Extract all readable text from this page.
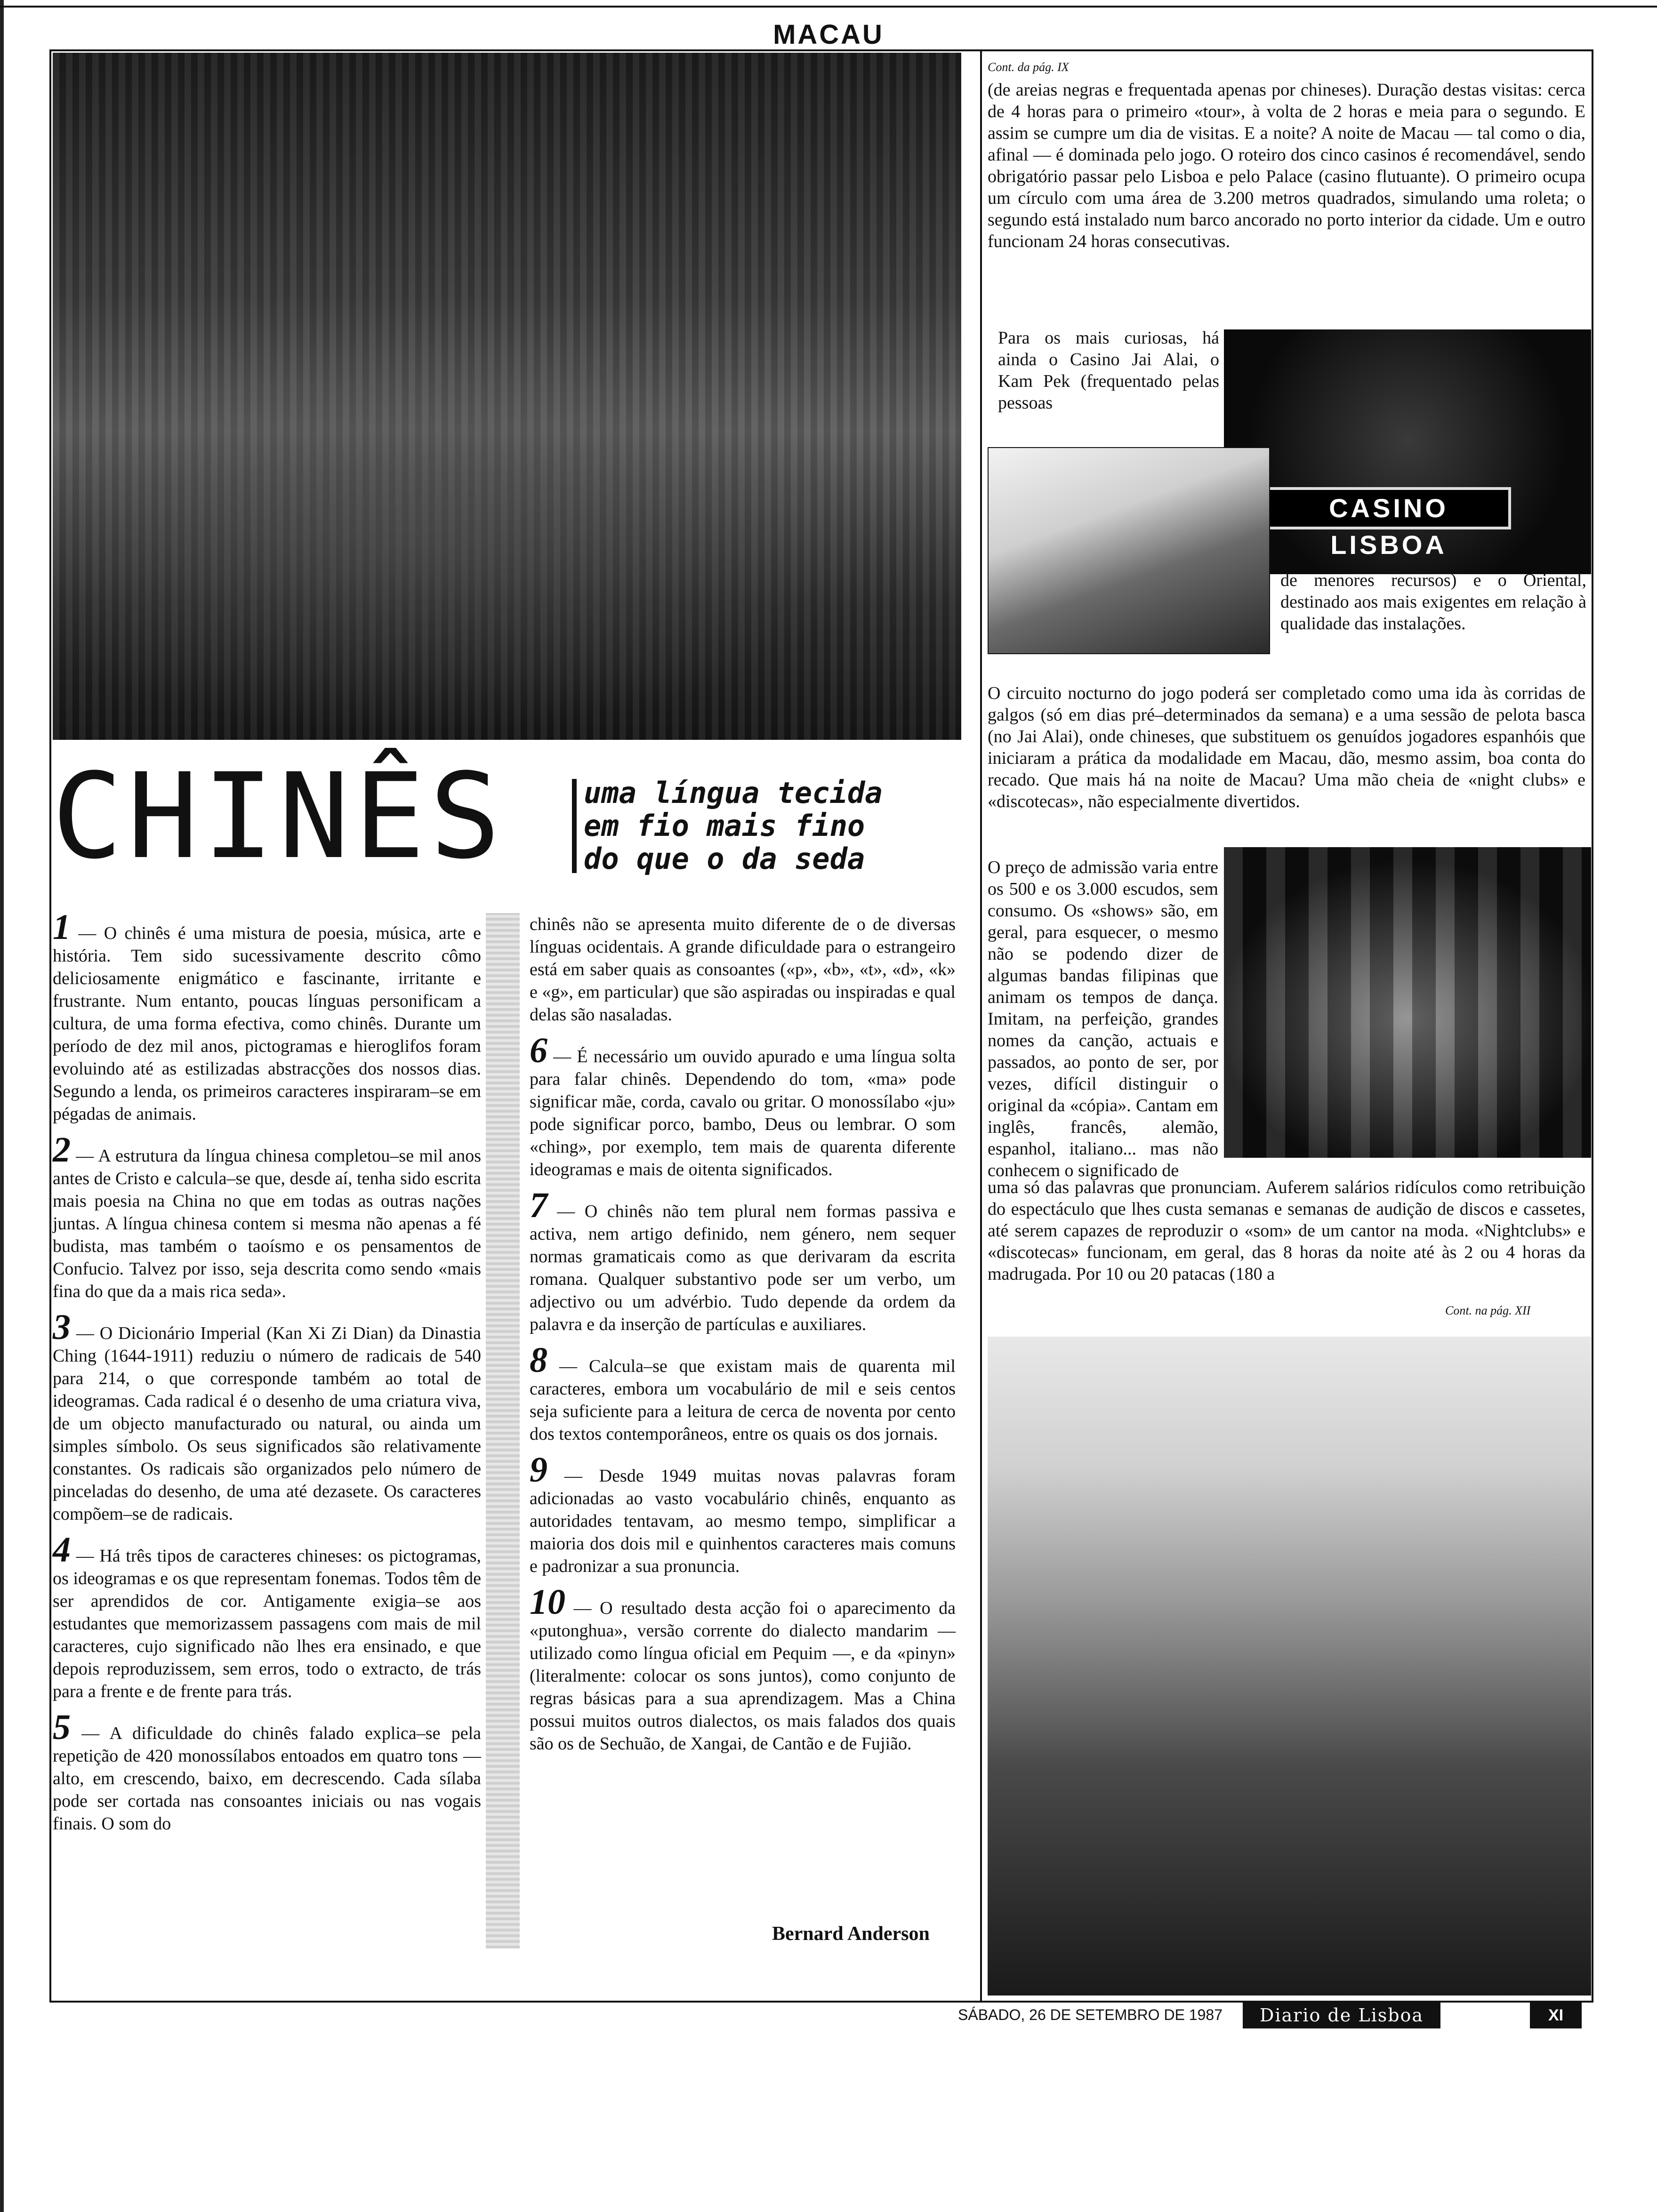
MACAU
CHINÊS	uma língua tecida
em fio mais fino
do que o da seda

1 — O chinês é uma mistura de poesia, música, arte e história. Tem sido sucessivamente descrito cômo deliciosamente enigmático e fascinante, irritante e frustrante. Num entanto, poucas línguas personificam a cultura, de uma forma efectiva, como chinês. Durante um período de dez mil anos, pictogramas e hieroglifos foram evoluindo até as estilizadas abstracções dos nossos dias. Segundo a lenda, os primeiros caracteres inspiraram–se em pégadas de animais.

2 — A estrutura da língua chinesa completou–se mil anos antes de Cristo e calcula–se que, desde aí, tenha sido escrita mais poesia na China no que em todas as outras nações juntas. A língua chinesa contem si mesma não apenas a fé budista, mas também o taoísmo e os pensamentos de Confucio. Talvez por isso, seja descrita como sendo «mais fina do que da a mais rica seda».

3 — O Dicionário Imperial (Kan Xi Zi Dian) da Dinastia Ching (1644-1911) reduziu o número de radicais de 540 para 214, o que corresponde também ao total de ideogramas. Cada radical é o desenho de uma criatura viva, de um objecto manufacturado ou natural, ou ainda um simples símbolo. Os seus significados são relativamente constantes. Os radicais são organizados pelo número de pinceladas do desenho, de uma até dezasete. Os caracteres compõem–se de radicais.

4 — Há três tipos de caracteres chineses: os pictogramas, os ideogramas e os que representam fonemas. Todos têm de ser aprendidos de cor. Antigamente exigia–se aos estudantes que memorizassem passagens com mais de mil caracteres, cujo significado não lhes era ensinado, e que depois reproduzissem, sem erros, todo o extracto, de trás para a frente e de frente para trás.

5 — A dificuldade do chinês falado explica–se pela repetição de 420 monossílabos entoados em quatro tons — alto, em crescendo, baixo, em decrescendo. Cada sílaba pode ser cortada nas consoantes iniciais ou nas vogais finais. O som do

chinês não se apresenta muito diferente de o de diversas línguas ocidentais. A grande dificuldade para o estrangeiro está em saber quais as consoantes («p», «b», «t», «d», «k» e «g», em particular) que são aspiradas ou inspiradas e qual delas são nasaladas.

6 — É necessário um ouvido apurado e uma língua solta para falar chinês. Dependendo do tom, «ma» pode significar mãe, corda, cavalo ou gritar. O monossílabo «ju» pode significar porco, bambo, Deus ou lembrar. O som «ching», por exemplo, tem mais de quarenta diferente ideogramas e mais de oitenta significados.

7 — O chinês não tem plural nem formas passiva e activa, nem artigo definido, nem género, nem sequer normas gramaticais como as que derivaram da escrita romana. Qualquer substantivo pode ser um verbo, um adjectivo ou um advérbio. Tudo depende da ordem da palavra e da inserção de partículas e auxiliares.

8 — Calcula–se que existam mais de quarenta mil caracteres, embora um vocabulário de mil e seis centos seja suficiente para a leitura de cerca de noventa por cento dos textos contemporâneos, entre os quais os dos jornais.

9 — Desde 1949 muitas novas palavras foram adicionadas ao vasto vocabulário chinês, enquanto as autoridades tentavam, ao mesmo tempo, simplificar a maioria dos dois mil e quinhentos caracteres mais comuns e padronizar a sua pronuncia.

10 — O resultado desta acção foi o aparecimento da «putonghua», versão corrente do dialecto mandarim — utilizado como língua oficial em Pequim —, e da «pinyn» (literalmente: colocar os sons juntos), como conjunto de regras básicas para a sua aprendizagem. Mas a China possui muitos outros dialectos, os mais falados dos quais são os de Sechuão, de Xangai, de Cantão e de Fujião.

Bernard Anderson
Cont. da pág. IX
(de areias negras e frequentada apenas por chineses). Duração destas visitas: cerca de 4 horas para o primeiro «tour», à volta de 2 horas e meia para o segundo. E assim se cumpre um dia de visitas. E a noite? A noite de Macau — tal como o dia, afinal — é dominada pelo jogo. O roteiro dos cinco casinos é recomendável, sendo obrigatório passar pelo Lisboa e pelo Palace (casino flutuante). O primeiro ocupa um círculo com uma área de 3.200 metros quadrados, simulando uma roleta; o segundo está instalado num barco ancorado no porto interior da cidade. Um e outro funcionam 24 horas consecutivas.
Para os mais curiosas, há ainda o Casino Jai Alai, o Kam Pek (frequentado pelas pessoas
CASINO LISBOA
de menores recursos) e o Oriental, destinado aos mais exigentes em relação à qualidade das instalações.
O circuito nocturno do jogo poderá ser completado como uma ida às corridas de galgos (só em dias pré–determinados da semana) e a uma sessão de pelota basca (no Jai Alai), onde chineses, que substituem os genuídos jogadores espanhóis que iniciaram a prática da modalidade em Macau, dão, mesmo assim, boa conta do recado. Que mais há na noite de Macau? Uma mão cheia de «night clubs» e «discotecas», não especialmente divertidos.
O preço de admissão varia entre os 500 e os 3.000 escudos, sem consumo. Os «shows» são, em geral, para esquecer, o mesmo não se podendo dizer de algumas bandas filipinas que animam os tempos de dança. Imitam, na perfeição, grandes nomes da canção, actuais e passados, ao ponto de ser, por vezes, difícil distinguir o original da «cópia». Cantam em inglês, francês, alemão, espanhol, italiano... mas não conhecem o significado de
uma só das palavras que pronunciam. Auferem salários ridículos como retribuição do espectáculo que lhes custa semanas e semanas de audição de discos e cassetes, até serem capazes de reproduzir o «som» de um cantor na moda. «Nightclubs» e «discotecas» funcionam, em geral, das 8 horas da noite até às 2 ou 4 horas da madrugada. Por 10 ou 20 patacas (180 a
Cont. na pág. XII
SÁBADO, 26 DE SETEMBRO DE 1987	Diario de Lisboa	XI
